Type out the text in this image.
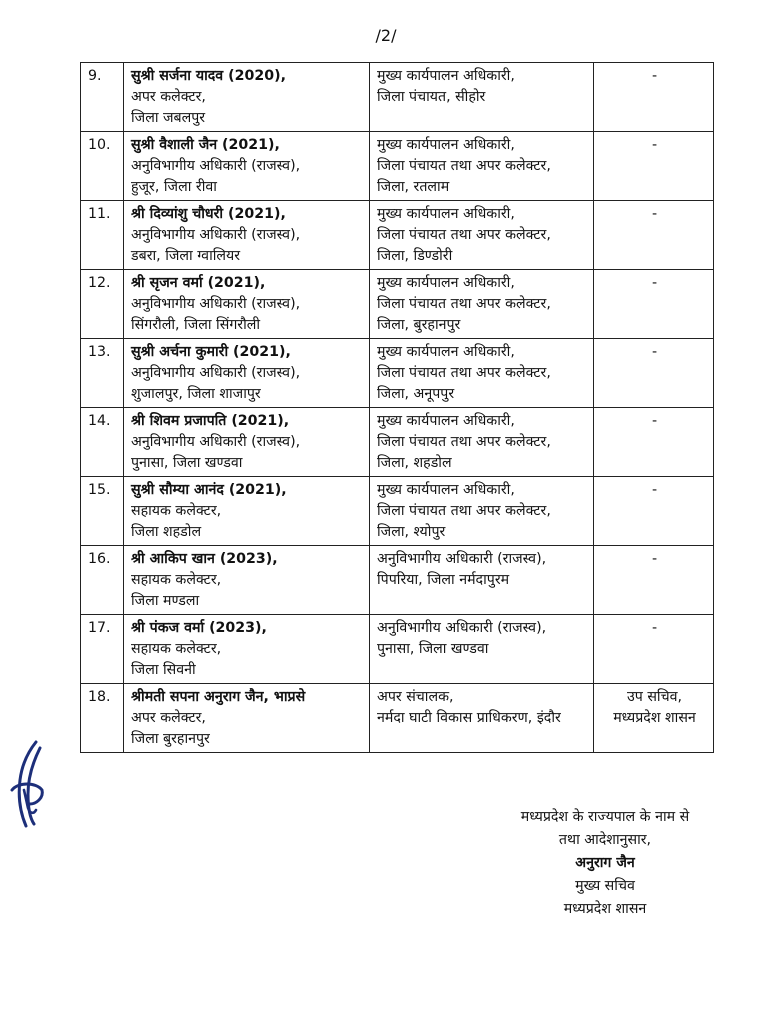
/2/
9.	सुश्री सर्जना यादव (2020),
अपर कलेक्टर,
जिला जबलपुर	मुख्य कार्यपालन अधिकारी,
जिला पंचायत, सीहोर	-

10.	सुश्री वैशाली जैन (2021),
अनुविभागीय अधिकारी (राजस्व),
हुजूर, जिला रीवा	मुख्य कार्यपालन अधिकारी,
जिला पंचायत तथा अपर कलेक्टर,
जिला, रतलाम	-

11.	श्री दिव्यांशु चौधरी (2021),
अनुविभागीय अधिकारी (राजस्व),
डबरा, जिला ग्वालियर	मुख्य कार्यपालन अधिकारी,
जिला पंचायत तथा अपर कलेक्टर,
जिला, डिण्डोरी	-

12.	श्री सृजन वर्मा (2021),
अनुविभागीय अधिकारी (राजस्व),
सिंगरौली, जिला सिंगरौली	मुख्य कार्यपालन अधिकारी,
जिला पंचायत तथा अपर कलेक्टर,
जिला, बुरहानपुर	-

13.	सुश्री अर्चना कुमारी (2021),
अनुविभागीय अधिकारी (राजस्व),
शुजालपुर, जिला शाजापुर	मुख्य कार्यपालन अधिकारी,
जिला पंचायत तथा अपर कलेक्टर,
जिला, अनूपपुर	-

14.	श्री शिवम प्रजापति (2021),
अनुविभागीय अधिकारी (राजस्व),
पुनासा, जिला खण्डवा	मुख्य कार्यपालन अधिकारी,
जिला पंचायत तथा अपर कलेक्टर,
जिला, शहडोल	-

15.	सुश्री सौम्या आनंद (2021),
सहायक कलेक्टर,
जिला शहडोल	मुख्य कार्यपालन अधिकारी,
जिला पंचायत तथा अपर कलेक्टर,
जिला, श्योपुर	-

16.	श्री आकिप खान (2023),
सहायक कलेक्टर,
जिला मण्डला	अनुविभागीय अधिकारी (राजस्व),
पिपरिया, जिला नर्मदापुरम	-

17.	श्री पंकज वर्मा (2023),
सहायक कलेक्टर,
जिला सिवनी	अनुविभागीय अधिकारी (राजस्व),
पुनासा, जिला खण्डवा	-

18.	श्रीमती सपना अनुराग जैन, भाप्रसे
अपर कलेक्टर,
जिला बुरहानपुर	अपर संचालक,
नर्मदा घाटी विकास प्राधिकरण, इंदौर	उप सचिव,
मध्यप्रदेश शासन
मध्यप्रदेश के राज्यपाल के नाम से
तथा आदेशानुसार,
अनुराग जैन
मुख्य सचिव
मध्यप्रदेश शासन
